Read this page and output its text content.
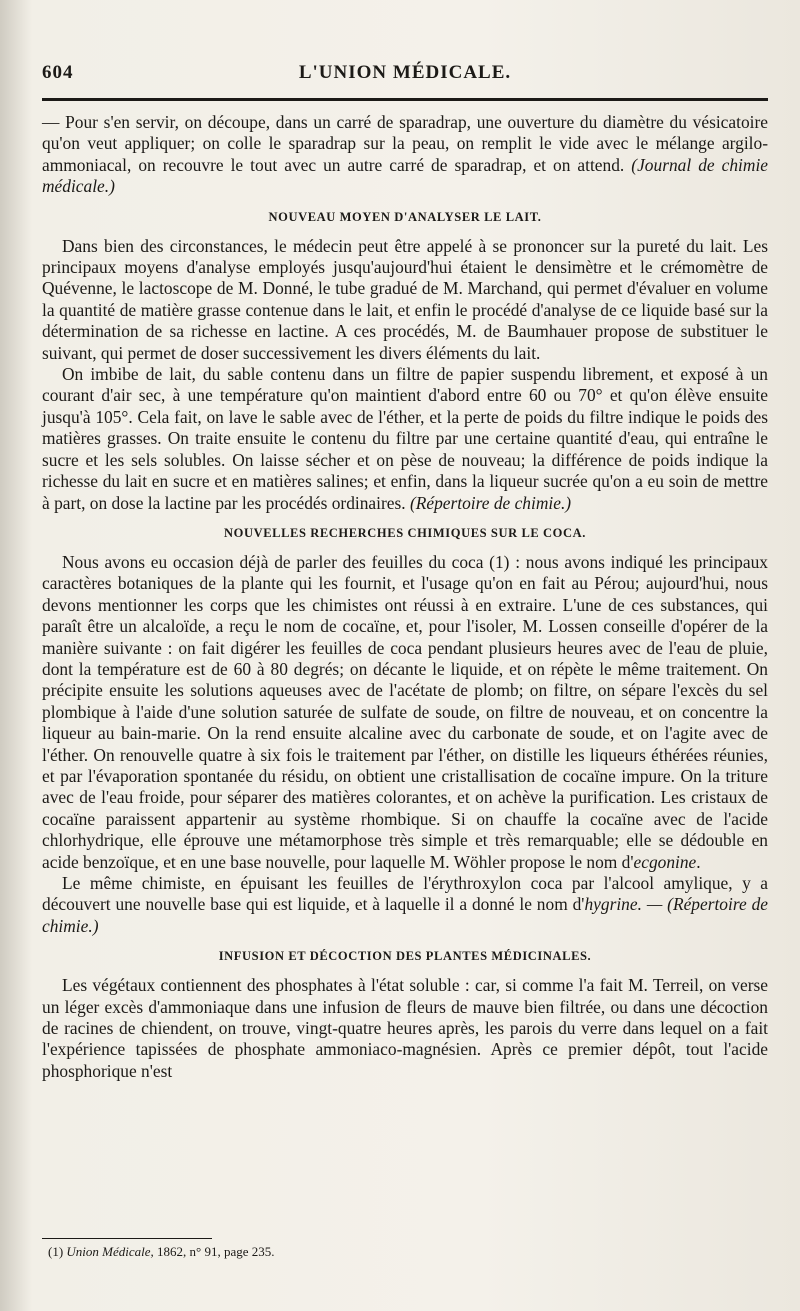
604	L'UNION MÉDICALE.

— Pour s'en servir, on découpe, dans un carré de sparadrap, une ouverture du diamètre du vésicatoire qu'on veut appliquer; on colle le sparadrap sur la peau, on remplit le vide avec le mélange argilo-ammoniacal, on recouvre le tout avec un autre carré de sparadrap, et on attend. (Journal de chimie médicale.)

NOUVEAU MOYEN D'ANALYSER LE LAIT.

Dans bien des circonstances, le médecin peut être appelé à se prononcer sur la pureté du lait. Les principaux moyens d'analyse employés jusqu'aujourd'hui étaient le densimètre et le crémomètre de Quévenne, le lactoscope de M. Donné, le tube gradué de M. Marchand, qui permet d'évaluer en volume la quantité de matière grasse contenue dans le lait, et enfin le procédé d'analyse de ce liquide basé sur la détermination de sa richesse en lactine. A ces procédés, M. de Baumhauer propose de substituer le suivant, qui permet de doser successivement les divers éléments du lait.

On imbibe de lait, du sable contenu dans un filtre de papier suspendu librement, et exposé à un courant d'air sec, à une température qu'on maintient d'abord entre 60 ou 70° et qu'on élève ensuite jusqu'à 105°. Cela fait, on lave le sable avec de l'éther, et la perte de poids du filtre indique le poids des matières grasses. On traite ensuite le contenu du filtre par une certaine quantité d'eau, qui entraîne le sucre et les sels solubles. On laisse sécher et on pèse de nouveau; la différence de poids indique la richesse du lait en sucre et en matières salines; et enfin, dans la liqueur sucrée qu'on a eu soin de mettre à part, on dose la lactine par les procédés ordinaires. (Répertoire de chimie.)

NOUVELLES RECHERCHES CHIMIQUES SUR LE COCA.

Nous avons eu occasion déjà de parler des feuilles du coca (1) : nous avons indiqué les principaux caractères botaniques de la plante qui les fournit, et l'usage qu'on en fait au Pérou; aujourd'hui, nous devons mentionner les corps que les chimistes ont réussi à en extraire. L'une de ces substances, qui paraît être un alcaloïde, a reçu le nom de cocaïne, et, pour l'isoler, M. Lossen conseille d'opérer de la manière suivante : on fait digérer les feuilles de coca pendant plusieurs heures avec de l'eau de pluie, dont la température est de 60 à 80 degrés; on décante le liquide, et on répète le même traitement. On précipite ensuite les solutions aqueuses avec de l'acétate de plomb; on filtre, on sépare l'excès du sel plombique à l'aide d'une solution saturée de sulfate de soude, on filtre de nouveau, et on concentre la liqueur au bain-marie. On la rend ensuite alcaline avec du carbonate de soude, et on l'agite avec de l'éther. On renouvelle quatre à six fois le traitement par l'éther, on distille les liqueurs éthérées réunies, et par l'évaporation spontanée du résidu, on obtient une cristallisation de cocaïne impure. On la triture avec de l'eau froide, pour séparer des matières colorantes, et on achève la purification. Les cristaux de cocaïne paraissent appartenir au système rhombique. Si on chauffe la cocaïne avec de l'acide chlorhydrique, elle éprouve une métamorphose très simple et très remarquable; elle se dédouble en acide benzoïque, et en une base nouvelle, pour laquelle M. Wöhler propose le nom d'ecgonine.

Le même chimiste, en épuisant les feuilles de l'érythroxylon coca par l'alcool amylique, y a découvert une nouvelle base qui est liquide, et à laquelle il a donné le nom d'hygrine. — (Répertoire de chimie.)

INFUSION ET DÉCOCTION DES PLANTES MÉDICINALES.

Les végétaux contiennent des phosphates à l'état soluble : car, si comme l'a fait M. Terreil, on verse un léger excès d'ammoniaque dans une infusion de fleurs de mauve bien filtrée, ou dans une décoction de racines de chiendent, on trouve, vingt-quatre heures après, les parois du verre dans lequel on a fait l'expérience tapissées de phosphate ammoniaco-magnésien. Après ce premier dépôt, tout l'acide phosphorique n'est

(1) Union Médicale, 1862, n° 91, page 235.
